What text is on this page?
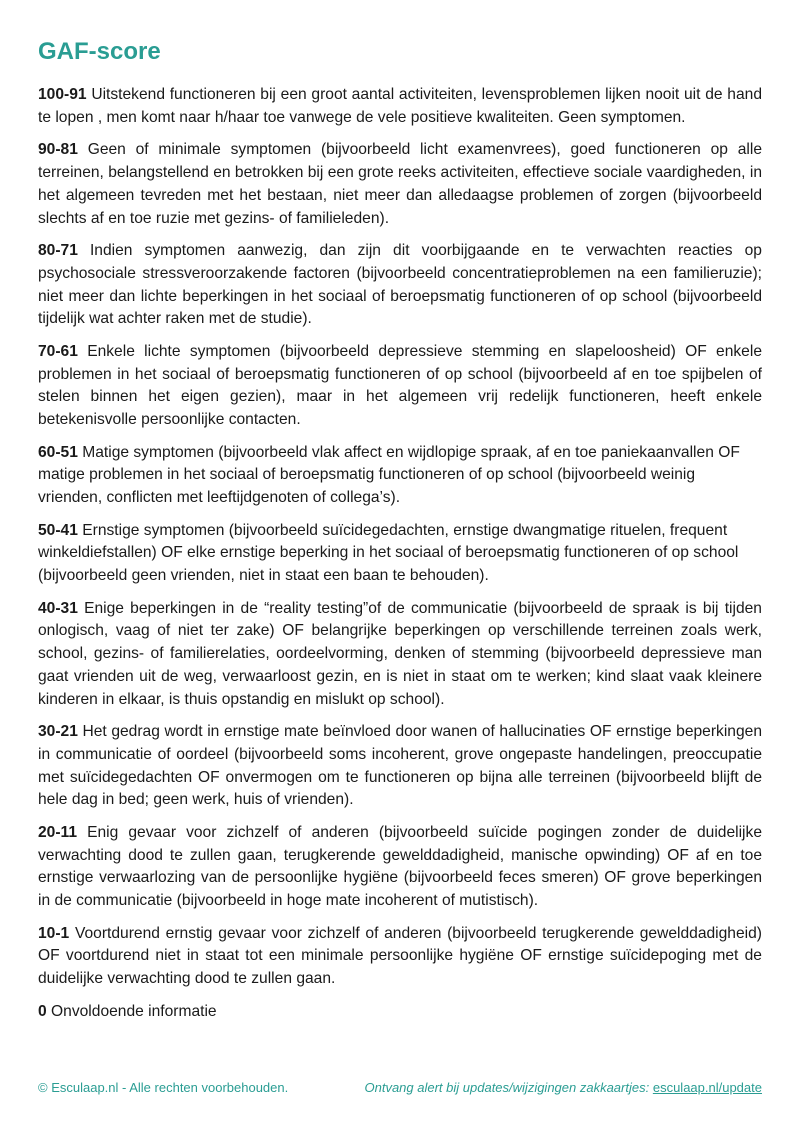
GAF-score

100-91 Uitstekend functioneren bij een groot aantal activiteiten, levensproblemen lijken nooit uit de hand te lopen , men komt naar h/haar toe vanwege de vele positieve kwaliteiten. Geen symptomen.

90-81 Geen of minimale symptomen (bijvoorbeeld licht examenvrees), goed functioneren op alle terreinen, belangstellend en betrokken bij een grote reeks activiteiten, effectieve sociale vaardigheden, in het algemeen tevreden met het bestaan, niet meer dan alledaagse problemen of zorgen (bijvoorbeeld slechts af en toe ruzie met gezins- of familieleden).

80-71 Indien symptomen aanwezig, dan zijn dit voorbijgaande en te verwachten reacties op psychosociale stressveroorzakende factoren (bijvoorbeeld concentratieproblemen na een familieruzie); niet meer dan lichte beperkingen in het sociaal of beroepsmatig functioneren of op school (bijvoorbeeld tijdelijk wat achter raken met de studie).

70-61 Enkele lichte symptomen (bijvoorbeeld depressieve stemming en slapeloosheid) OF enkele problemen in het sociaal of beroepsmatig functioneren of op school (bijvoorbeeld af en toe spijbelen of stelen binnen het eigen gezien), maar in het algemeen vrij redelijk functioneren, heeft enkele betekenisvolle persoonlijke contacten.

60-51 Matige symptomen (bijvoorbeeld vlak affect en wijdlopige spraak, af en toe paniekaanvallen OF matige problemen in het sociaal of beroepsmatig functioneren of op school (bijvoorbeeld weinig vrienden, conflicten met leeftijdgenoten of collega’s).

50-41 Ernstige symptomen (bijvoorbeeld suïcidegedachten, ernstige dwangmatige rituelen, frequent winkeldiefstallen) OF elke ernstige beperking in het sociaal of beroepsmatig functioneren of op school (bijvoorbeeld geen vrienden, niet in staat een baan te behouden).

40-31 Enige beperkingen in de “reality testing”of de communicatie (bijvoorbeeld de spraak is bij tijden onlogisch, vaag of niet ter zake) OF belangrijke beperkingen op verschillende terreinen zoals werk, school, gezins- of familierelaties, oordeelvorming, denken of stemming (bijvoorbeeld depressieve man gaat vrienden uit de weg, verwaarloost gezin, en is niet in staat om te werken; kind slaat vaak kleinere kinderen in elkaar, is thuis opstandig en mislukt op school).

30-21 Het gedrag wordt in ernstige mate beïnvloed door wanen of hallucinaties OF ernstige beperkingen in communicatie of oordeel (bijvoorbeeld soms incoherent, grove ongepaste handelingen, preoccupatie met suïcidegedachten OF onvermogen om te functioneren op bijna alle terreinen (bijvoorbeeld blijft de hele dag in bed; geen werk, huis of vrienden).

20-11 Enig gevaar voor zichzelf of anderen (bijvoorbeeld suïcide pogingen zonder de duidelijke verwachting dood te zullen gaan, terugkerende gewelddadigheid, manische opwinding) OF af en toe ernstige verwaarlozing van de persoonlijke hygiëne (bijvoorbeeld feces smeren) OF grove beperkingen in de communicatie (bijvoorbeeld in hoge mate incoherent of mutistisch).

10-1 Voortdurend ernstig gevaar voor zichzelf of anderen (bijvoorbeeld terugkerende gewelddadigheid) OF voortdurend niet in staat tot een minimale persoonlijke hygiëne OF ernstige suïcidepoging met de duidelijke verwachting dood te zullen gaan.

0 Onvoldoende informatie

© Esculaap.nl - Alle rechten voorbehouden.	Ontvang alert bij updates/wijzigingen zakkaartjes: esculaap.nl/update
